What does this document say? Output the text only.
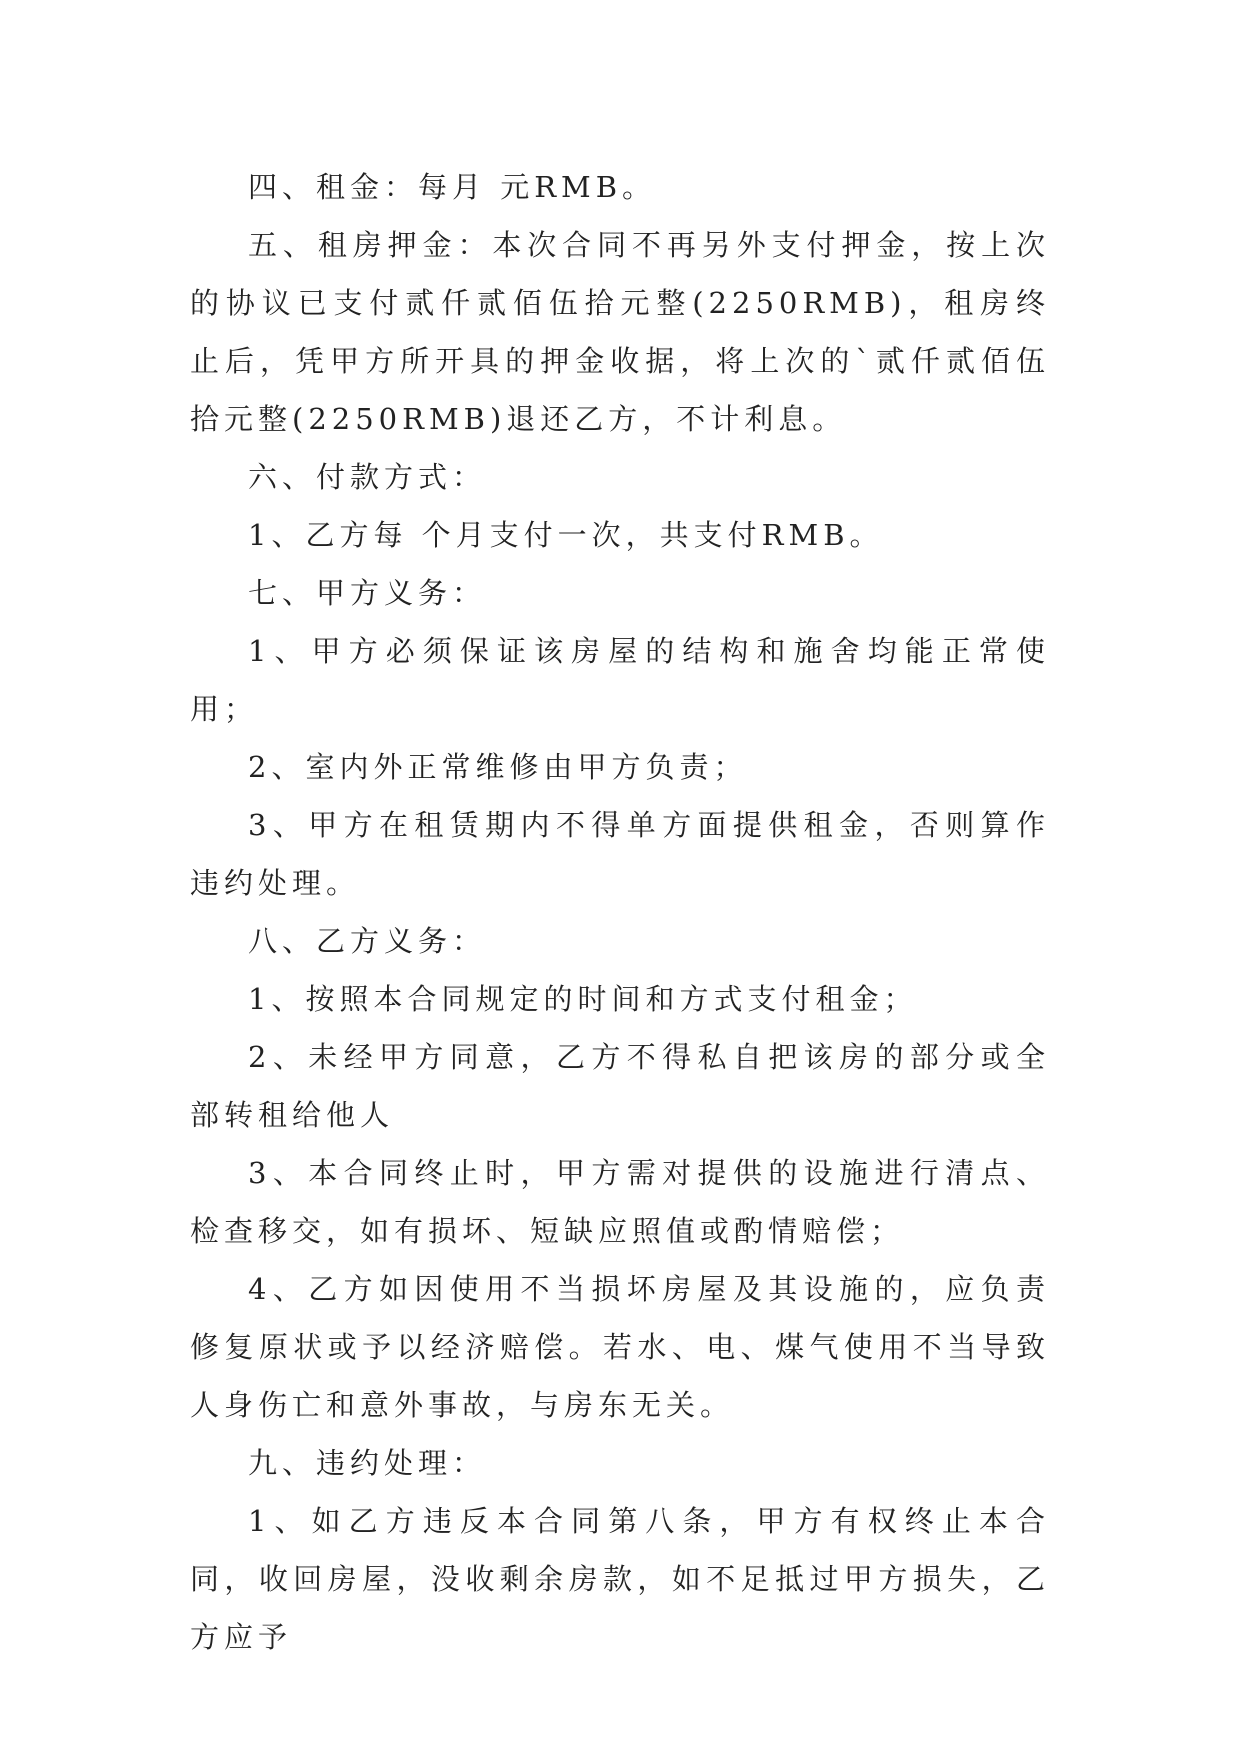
四、租金：每月 元RMB。

五、租房押金：本次合同不再另外支付押金，按上次的协议已支付贰仟贰佰伍拾元整(2250RMB)，租房终止后，凭甲方所开具的押金收据，将上次的`贰仟贰佰伍拾元整(2250RMB)退还乙方，不计利息。

六、付款方式：

1、乙方每 个月支付一次，共支付RMB。

七、甲方义务：

1、甲方必须保证该房屋的结构和施舍均能正常使用；

2、室内外正常维修由甲方负责；

3、甲方在租赁期内不得单方面提供租金，否则算作违约处理。

八、乙方义务：

1、按照本合同规定的时间和方式支付租金；

2、未经甲方同意，乙方不得私自把该房的部分或全部转租给他人

3、本合同终止时，甲方需对提供的设施进行清点、检查移交，如有损坏、短缺应照值或酌情赔偿；

4、乙方如因使用不当损坏房屋及其设施的，应负责修复原状或予以经济赔偿。若水、电、煤气使用不当导致人身伤亡和意外事故，与房东无关。

九、违约处理：

1、如乙方违反本合同第八条，甲方有权终止本合同，收回房屋，没收剩余房款，如不足抵过甲方损失，乙方应予
